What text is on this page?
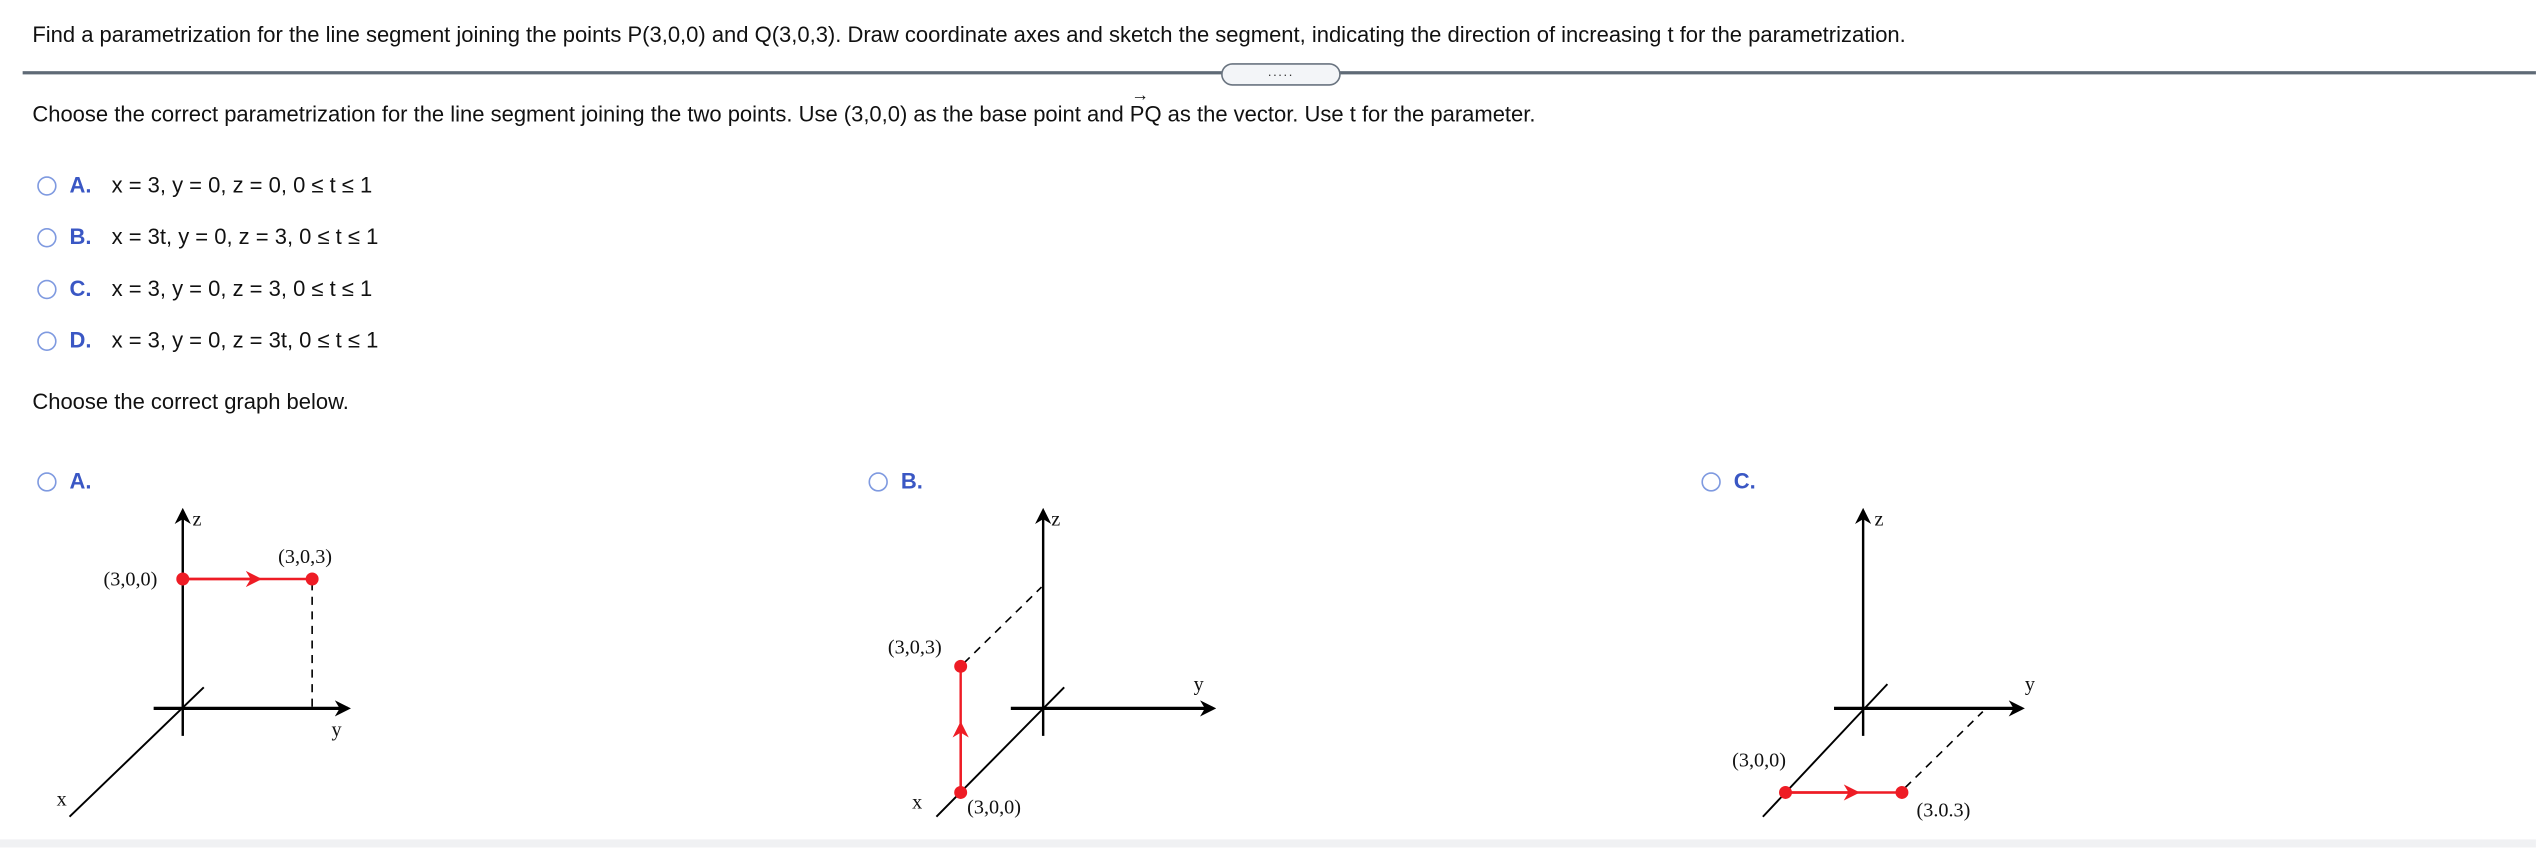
Find a parametrization for the line segment joining the points P(3,0,0) and Q(3,0,3). Draw coordinate axes and sketch the segment, indicating the direction of increasing t for the parametrization.
.....
Choose the correct parametrization for the line segment joining the two points. Use (3,0,0) as the base point and
→
PQ as the vector. Use t for the parameter.
A.	x = 3, y = 0, z = 0, 0 ≤ t ≤ 1
B.	x = 3t, y = 0, z = 3, 0 ≤ t ≤ 1
C.	x = 3, y = 0, z = 3, 0 ≤ t ≤ 1
D.	x = 3, y = 0, z = 3t, 0 ≤ t ≤ 1
Choose the correct graph below.
A.	B.	C.
z
y
x
(3,0,0)
(3,0,3)
z
y
x	(3,0,0)
(3,0,3)
z
y
(3,0,0)
(3.0.3)
